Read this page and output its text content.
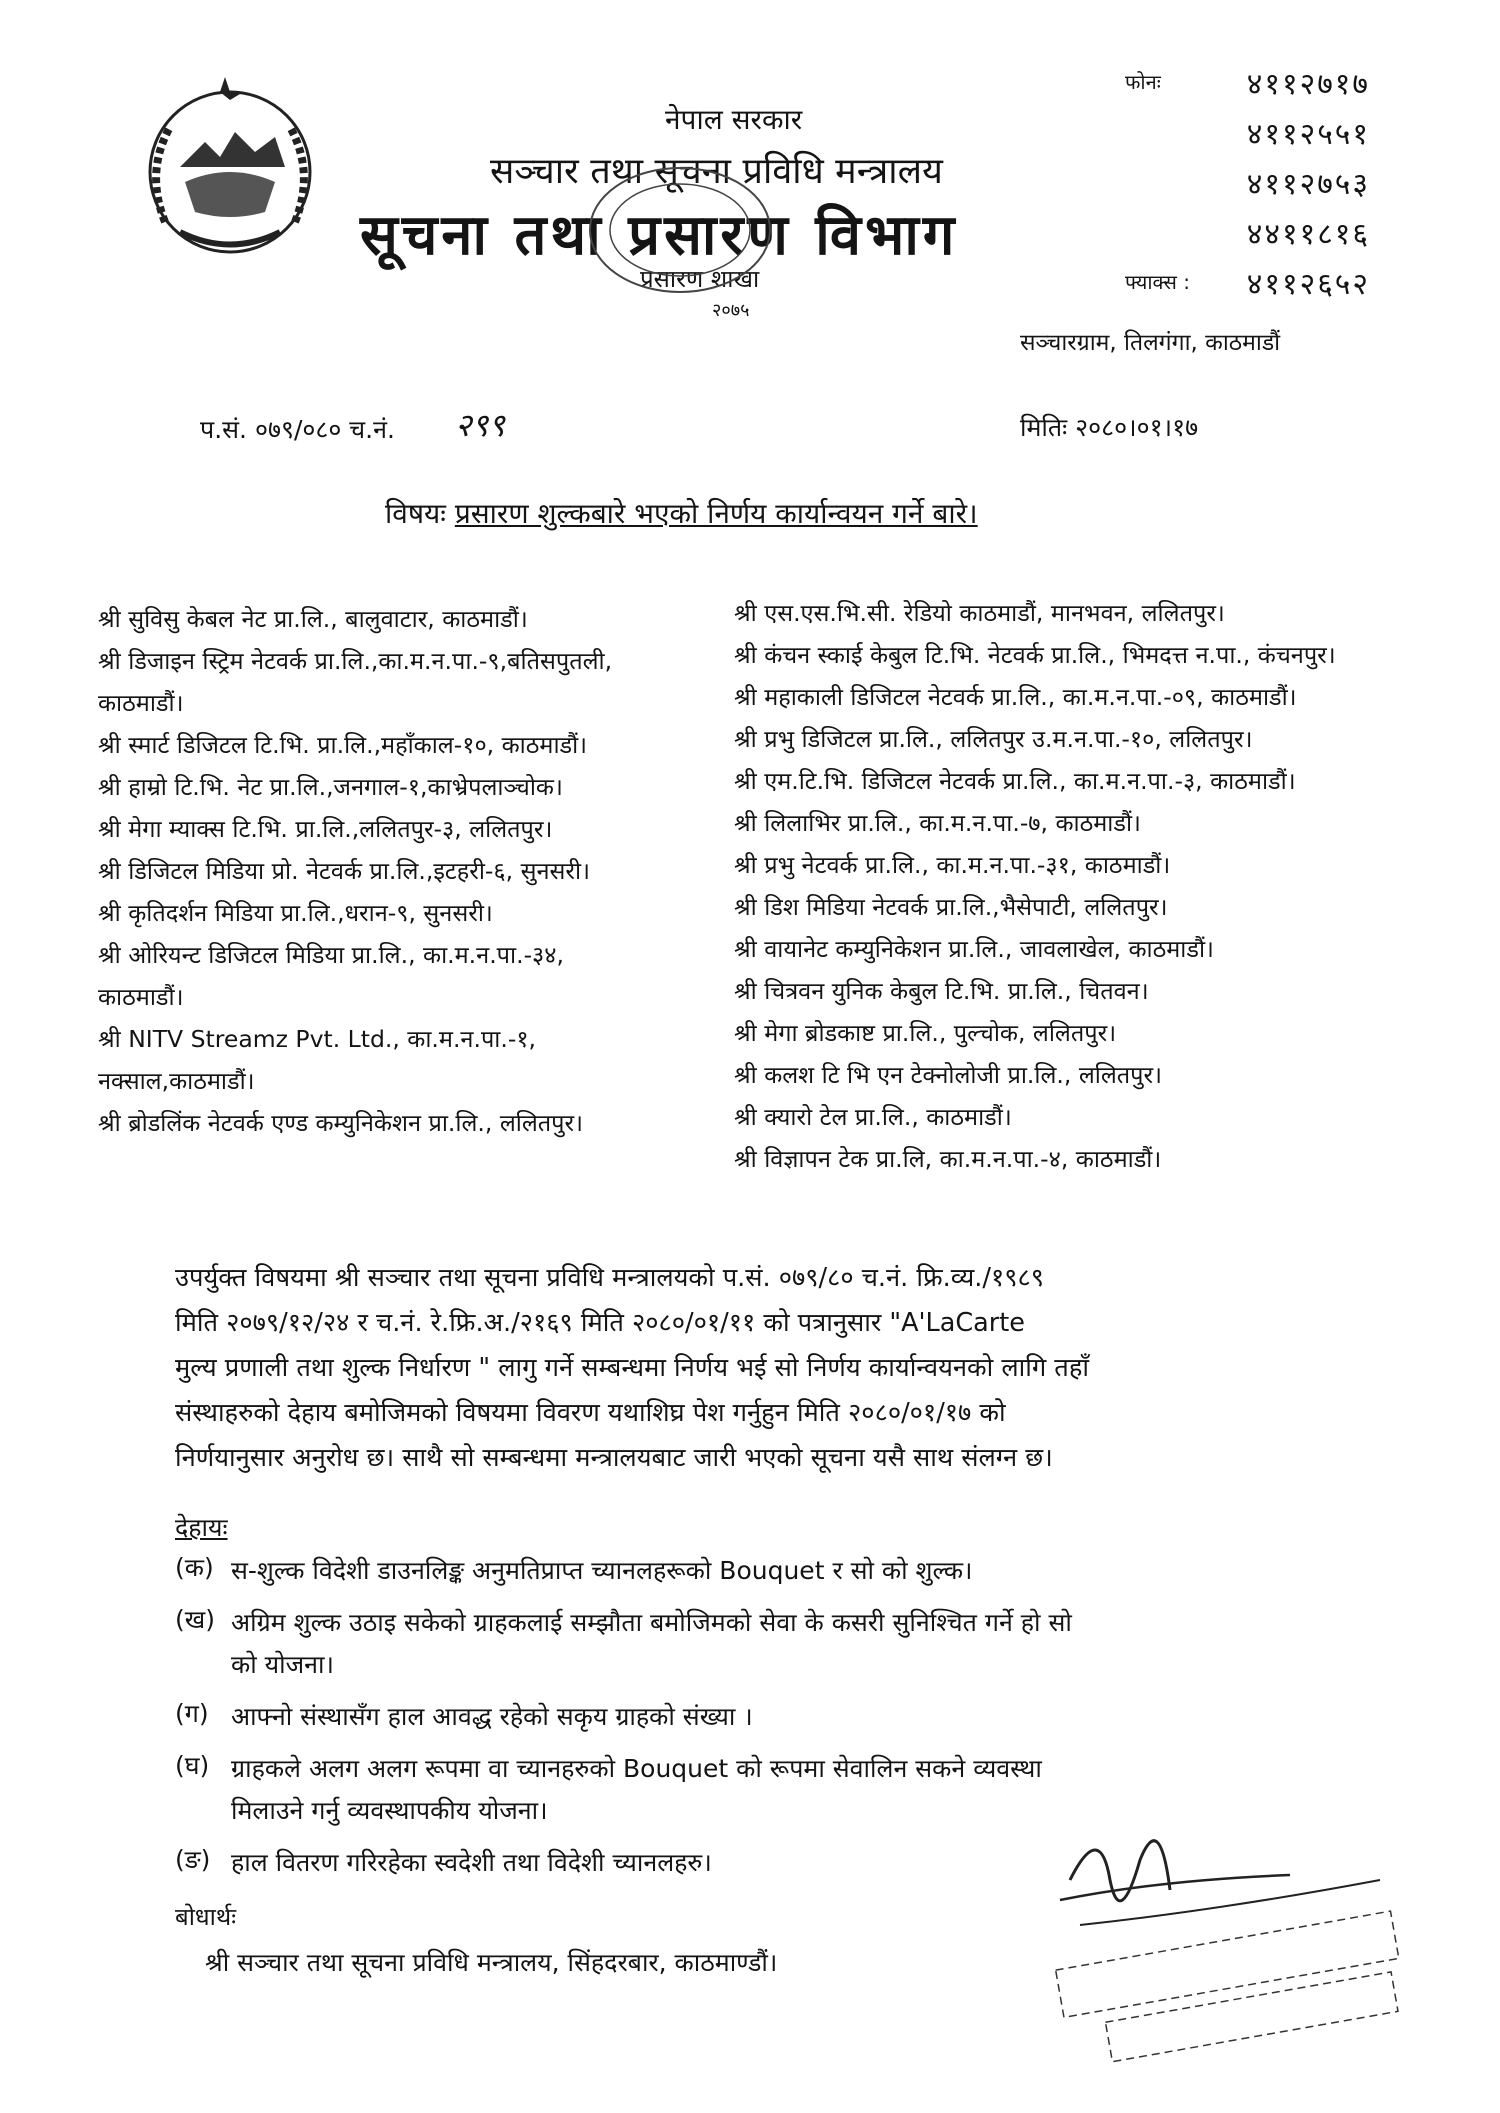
नेपाल सरकार
सञ्चार तथा सूचना प्रविधि मन्त्रालय
सूचना तथा प्रसारण विभाग
प्रसारण शाखा
२०७५
फोनः	४११२७१७
४११२५५१
४११२७५३
४४११८१६
फ्याक्स : ४११२६५२
सञ्चारग्राम, तिलगंगा, काठमाडौं
प.सं. ०७९/०८० च.नं. २९९	मितिः २०८०।०१।१७
विषयः प्रसारण शुल्कबारे भएको निर्णय कार्यान्वयन गर्ने बारे।
श्री सुविसु केबल नेट प्रा.लि., बालुवाटार, काठमाडौं।
श्री डिजाइन स्ट्रिम नेटवर्क प्रा.लि.,का.म.न.पा.-९,बतिसपुतली,
काठमाडौं।
श्री स्मार्ट डिजिटल टि.भि. प्रा.लि.,महाँकाल-१०, काठमाडौं।
श्री हाम्रो टि.भि. नेट प्रा.लि.,जनगाल-१,काभ्रेपलाञ्चोक।
श्री मेगा म्याक्स टि.भि. प्रा.लि.,ललितपुर-३, ललितपुर।
श्री डिजिटल मिडिया प्रो. नेटवर्क प्रा.लि.,इटहरी-६, सुनसरी।
श्री कृतिदर्शन मिडिया प्रा.लि.,धरान-९, सुनसरी।
श्री ओरियन्ट डिजिटल मिडिया प्रा.लि., का.म.न.पा.-३४,
काठमाडौं।
श्री NITV Streamz Pvt. Ltd., का.म.न.पा.-१,
नक्साल,काठमाडौं।
श्री ब्रोडलिंक नेटवर्क एण्ड कम्युनिकेशन प्रा.लि., ललितपुर।
श्री एस.एस.भि.सी. रेडियो काठमाडौं, मानभवन, ललितपुर।
श्री कंचन स्काई केबुल टि.भि. नेटवर्क प्रा.लि., भिमदत्त न.पा., कंचनपुर।
श्री महाकाली डिजिटल नेटवर्क प्रा.लि., का.म.न.पा.-०९, काठमाडौं।
श्री प्रभु डिजिटल प्रा.लि., ललितपुर उ.म.न.पा.-१०, ललितपुर।
श्री एम.टि.भि. डिजिटल नेटवर्क प्रा.लि., का.म.न.पा.-३, काठमाडौं।
श्री लिलाभिर प्रा.लि., का.म.न.पा.-७, काठमाडौं।
श्री प्रभु नेटवर्क प्रा.लि., का.म.न.पा.-३१, काठमाडौं।
श्री डिश मिडिया नेटवर्क प्रा.लि.,भैसेपाटी, ललितपुर।
श्री वायानेट कम्युनिकेशन प्रा.लि., जावलाखेल, काठमाडौं।
श्री चित्रवन युनिक केबुल टि.भि. प्रा.लि., चितवन।
श्री मेगा ब्रोडकाष्ट प्रा.लि., पुल्चोक, ललितपुर।
श्री कलश टि भि एन टेक्नोलोजी प्रा.लि., ललितपुर।
श्री क्यारो टेल प्रा.लि., काठमाडौं।
श्री विज्ञापन टेक प्रा.लि, का.म.न.पा.-४, काठमाडौं।
उपर्युक्त विषयमा श्री सञ्चार तथा सूचना प्रविधि मन्त्रालयको प.सं. ०७९/८० च.नं. फ्रि.व्य./१९८९
मिति २०७९/१२/२४ र च.नं. रे.फ्रि.अ./२१६९ मिति २०८०/०१/११ को पत्रानुसार "A'LaCarte
मुल्य प्रणाली तथा शुल्क निर्धारण " लागु गर्ने सम्बन्धमा निर्णय भई सो निर्णय कार्यान्वयनको लागि तहाँ
संस्थाहरुको देहाय बमोजिमको विषयमा विवरण यथाशिघ्र पेश गर्नुहुन मिति २०८०/०१/१७ को
निर्णयानुसार अनुरोध छ। साथै सो सम्बन्धमा मन्त्रालयबाट जारी भएको सूचना यसै साथ संलग्न छ।
देहायः
(क) स-शुल्क विदेशी डाउनलिङ्क अनुमतिप्राप्त च्यानलहरूको Bouquet र सो को शुल्क।
(ख) अग्रिम शुल्क उठाइ सकेको ग्राहकलाई सम्झौता बमोजिमको सेवा के कसरी सुनिश्चित गर्ने हो सो
को योजना।
(ग) आफ्नो संस्थासँग हाल आवद्ध रहेको सकृय ग्राहको संख्या ।
(घ) ग्राहकले अलग अलग रूपमा वा च्यानहरुको Bouquet को रूपमा सेवालिन सकने व्यवस्था
मिलाउने गर्नु व्यवस्थापकीय योजना।
(ङ) हाल वितरण गरिरहेका स्वदेशी तथा विदेशी च्यानलहरु।
बोधार्थः
श्री सञ्चार तथा सूचना प्रविधि मन्त्रालय, सिंहदरबार, काठमाण्डौं।
